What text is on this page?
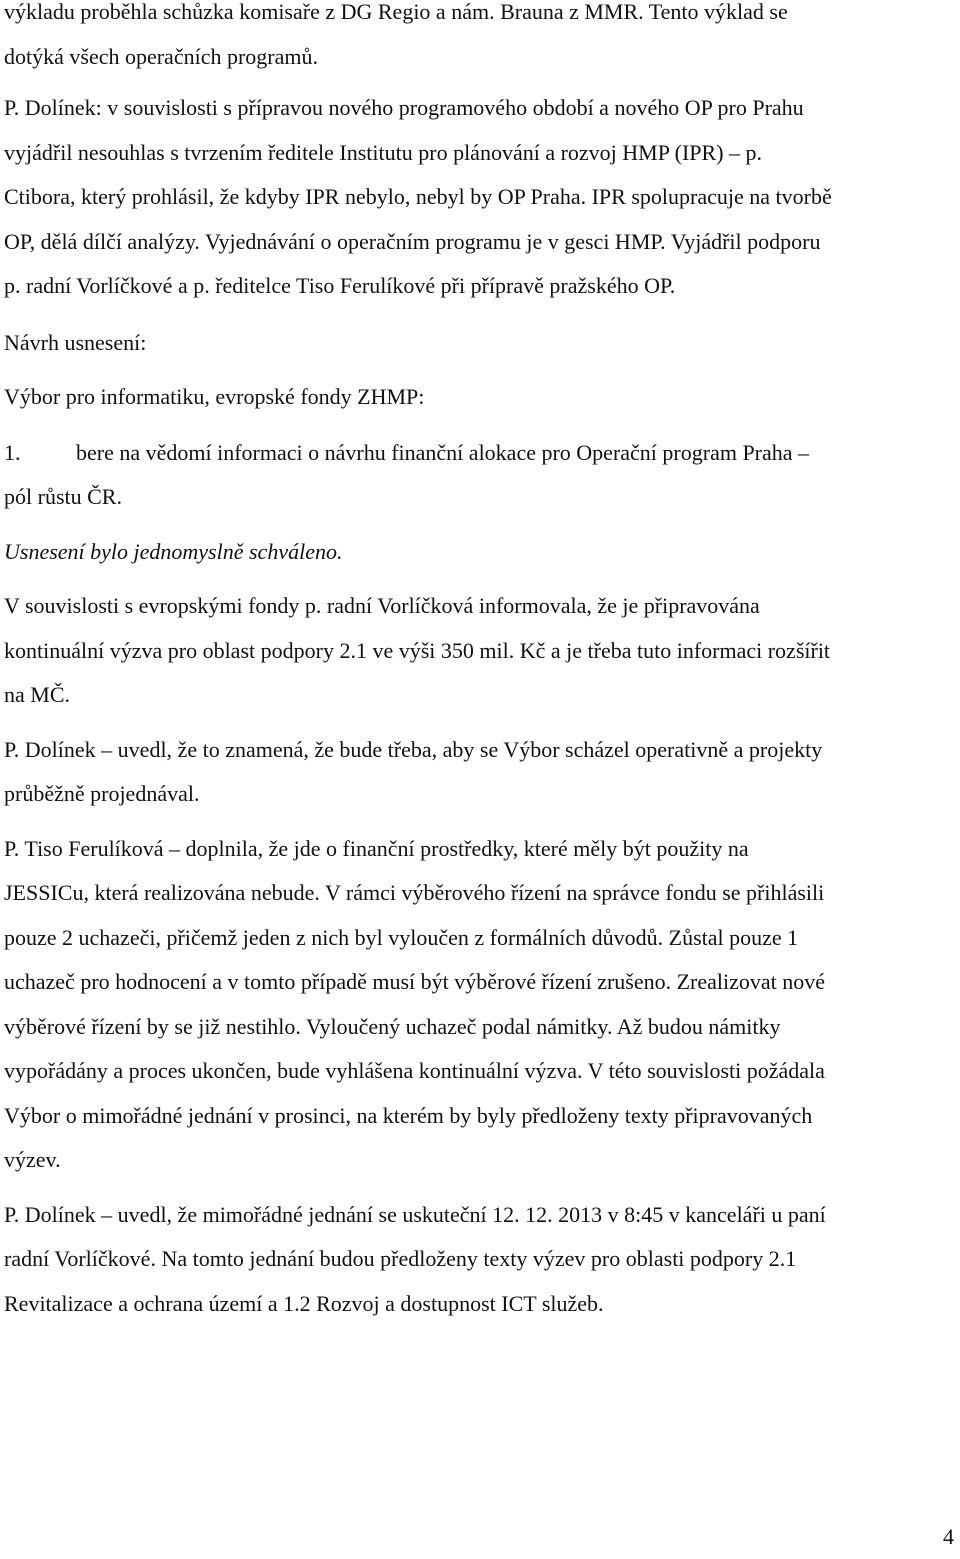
výkladu proběhla schůzka komisaře z DG Regio a nám. Brauna z MMR. Tento výklad se

dotýká všech operačních programů.

P. Dolínek: v souvislosti s přípravou nového programového období a nového OP pro Prahu

vyjádřil nesouhlas s tvrzením ředitele Institutu pro plánování a rozvoj HMP (IPR) – p.

Ctibora, který prohlásil, že kdyby IPR nebylo, nebyl by OP Praha. IPR spolupracuje na tvorbě

OP, dělá dílčí analýzy. Vyjednávání o operačním programu je v gesci HMP. Vyjádřil podporu

p. radní Vorlíčkové a p. ředitelce Tiso Ferulíkové při přípravě pražského OP.

Návrh usnesení:

Výbor pro informatiku, evropské fondy ZHMP:

1.	bere na vědomí informaci o návrhu finanční alokace pro Operační program Praha –

pól růstu ČR.

Usnesení bylo jednomyslně schváleno.

V souvislosti s evropskými fondy p. radní Vorlíčková informovala, že je připravována

kontinuální výzva pro oblast podpory 2.1 ve výši 350 mil. Kč a je třeba tuto informaci rozšířit

na MČ.

P. Dolínek – uvedl, že to znamená, že bude třeba, aby se Výbor scházel operativně a projekty

průběžně projednával.

P. Tiso Ferulíková – doplnila, že jde o finanční prostředky, které měly být použity na

JESSICu, která realizována nebude. V rámci výběrového řízení na správce fondu se přihlásili

pouze 2 uchazeči, přičemž jeden z nich byl vyloučen z formálních důvodů. Zůstal pouze 1

uchazeč pro hodnocení a v tomto případě musí být výběrové řízení zrušeno. Zrealizovat nové

výběrové řízení by se již nestihlo. Vyloučený uchazeč podal námitky. Až budou námitky

vypořádány a proces ukončen, bude vyhlášena kontinuální výzva. V této souvislosti požádala

Výbor o mimořádné jednání v prosinci, na kterém by byly předloženy texty připravovaných

výzev.

P. Dolínek – uvedl, že mimořádné jednání se uskuteční 12. 12. 2013 v 8:45 v kanceláři u paní

radní Vorlíčkové. Na tomto jednání budou předloženy texty výzev pro oblasti podpory 2.1

Revitalizace a ochrana území a 1.2 Rozvoj a dostupnost ICT služeb.

4
